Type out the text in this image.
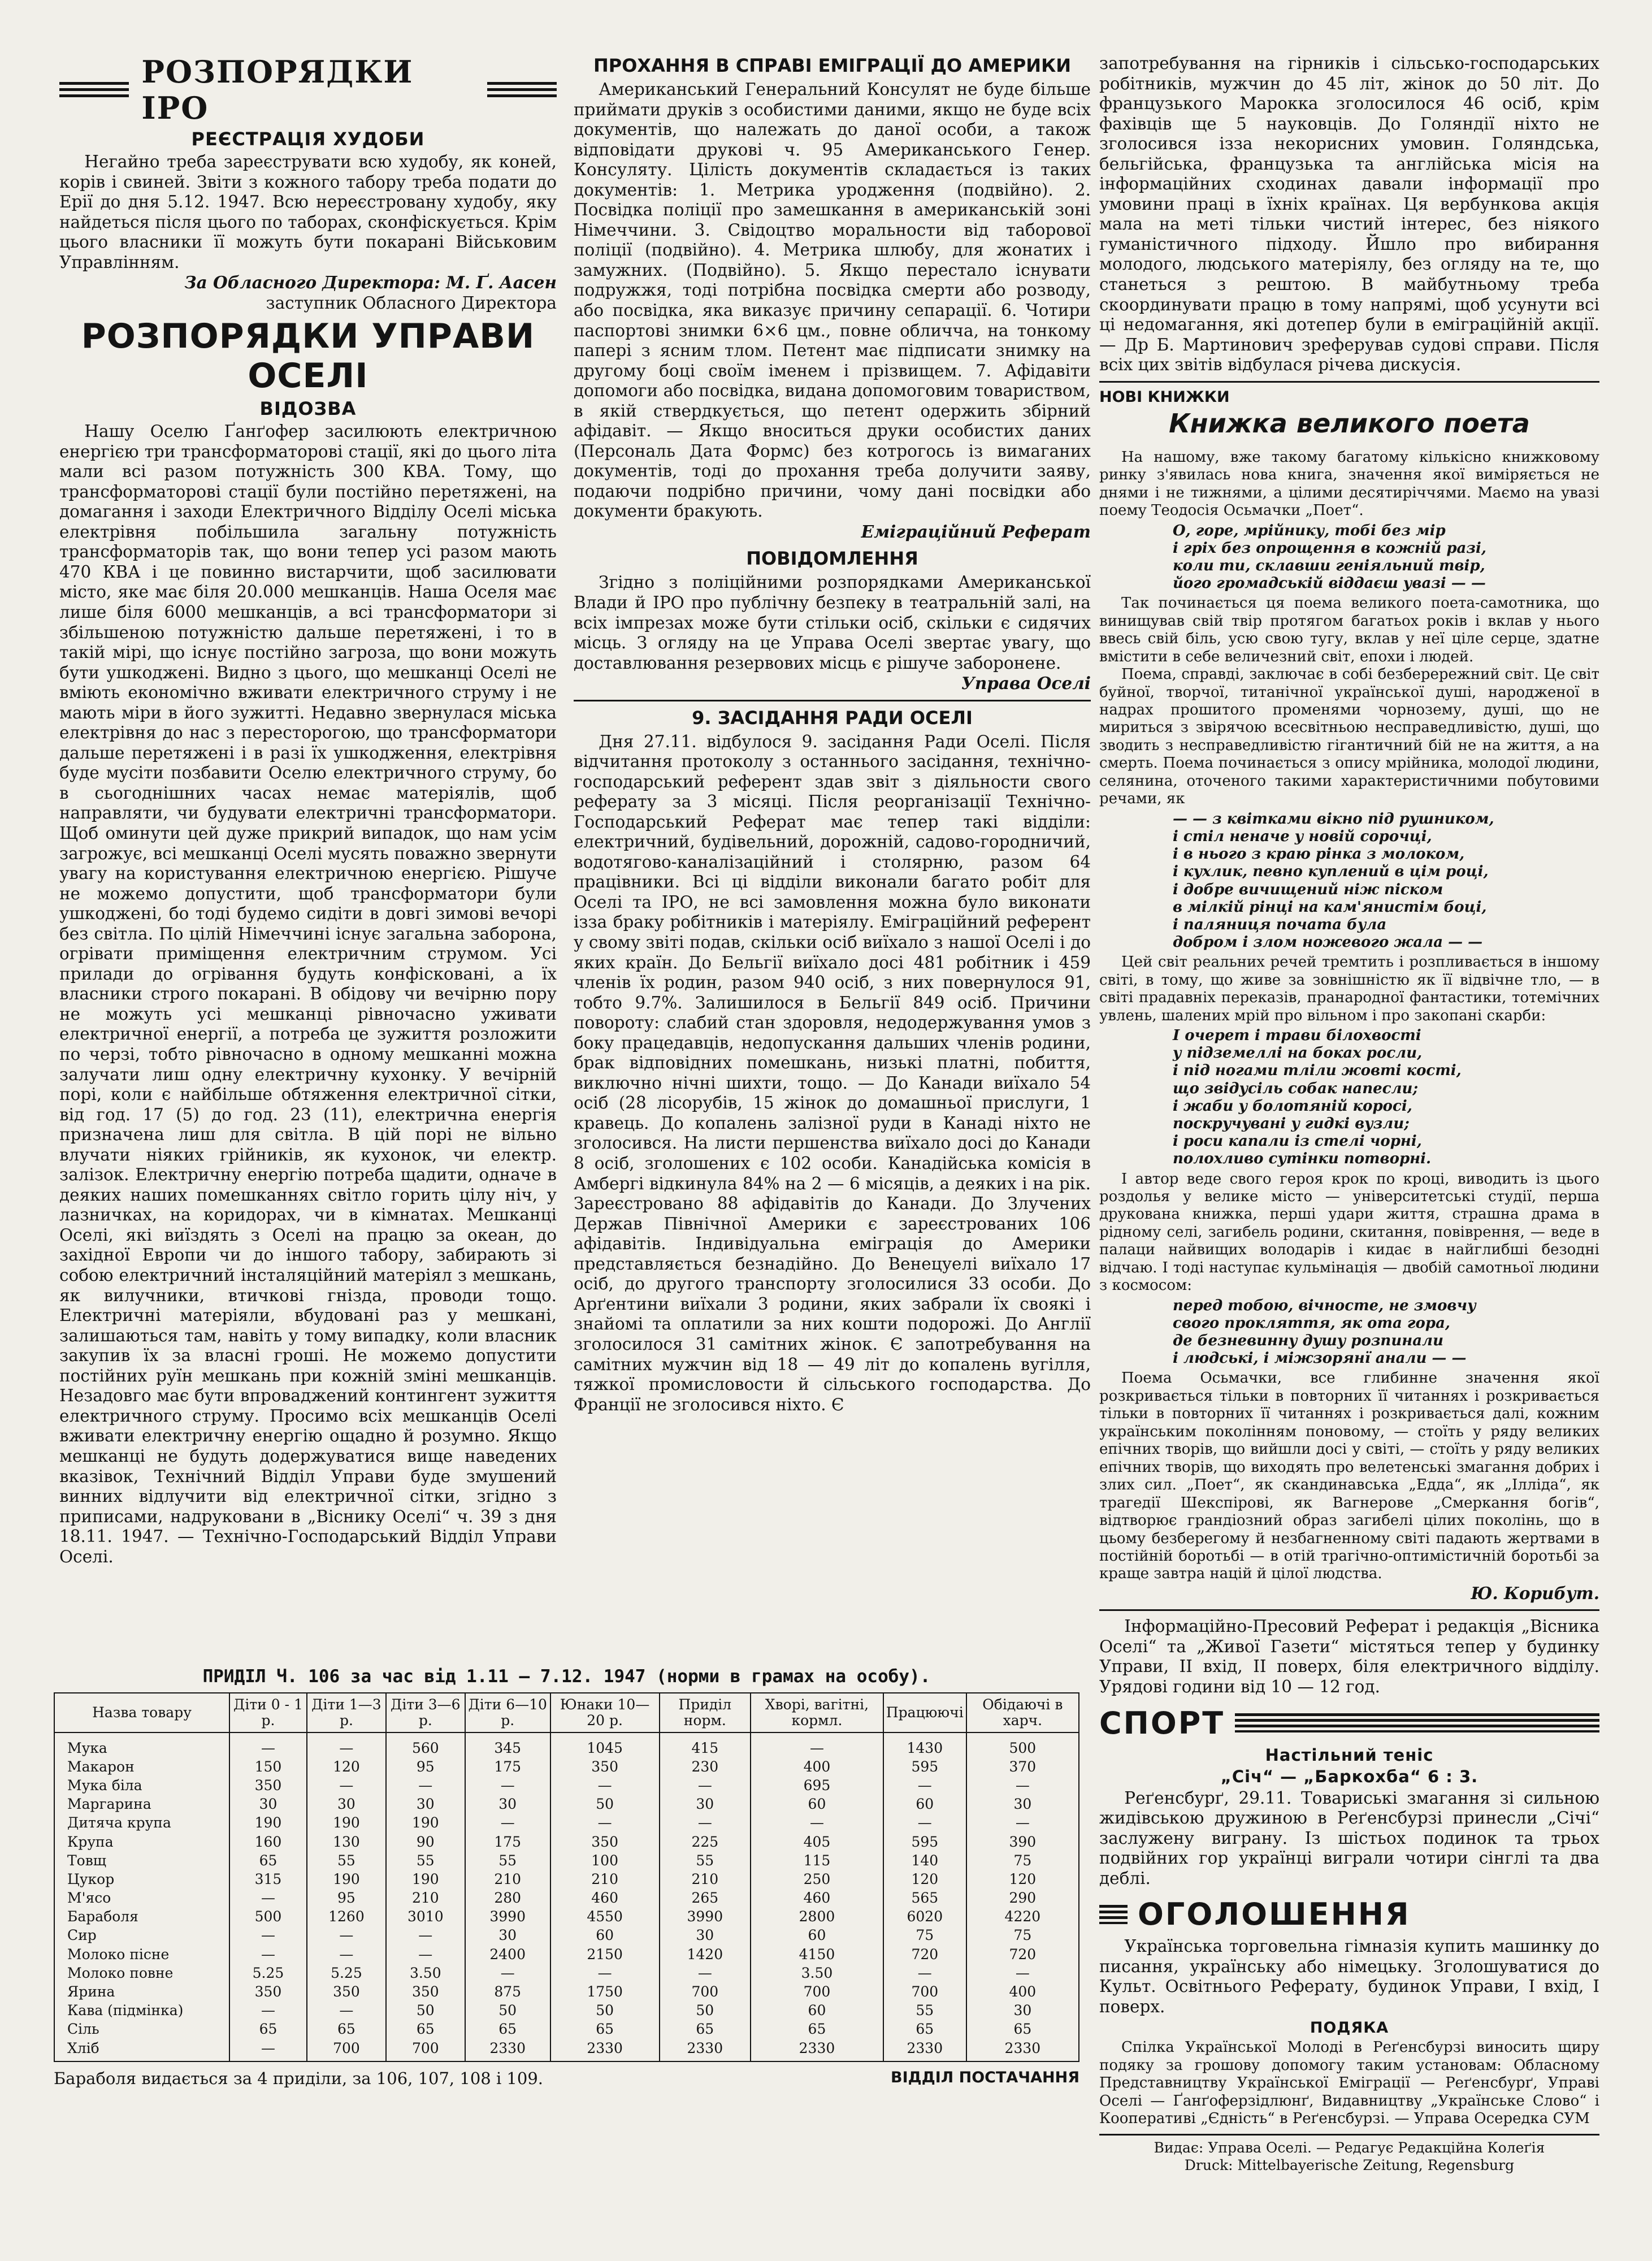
РОЗПОРЯДКИ ІРО
РЕЄСТРАЦІЯ ХУДОБИ

Негайно треба зареєструвати всю худобу, як коней, корів і свиней. Звіти з кожного табору треба подати до Ерії до дня 5.12. 1947. Всю нереєстровану худобу, яку найдеться після цього по таборах, сконфіскується. Крім цього власники її можуть бути покарані Військовим Управлінням.

За Обласного Директора: М. Ґ. Аасен

заступник Обласного Директора

РОЗПОРЯДКИ УПРАВИ ОСЕЛІ
ВІДОЗВА

Нашу Оселю Ґанґофер засилюють електричною енергією три трансформаторові стації, які до цього літа мали всі разом потужність 300 КВА. Тому, що трансформаторові стації були постійно перетяжені, на домагання і заходи Електричного Відділу Оселі міська електрівня побільшила загальну потужність трансформаторів так, що вони тепер усі разом мають 470 КВА і це повинно вистарчити, щоб засилювати місто, яке має біля 20.000 мешканців. Наша Оселя має лише біля 6000 мешканців, а всі трансформатори зі збільшеною потужністю дальше перетяжені, і то в такій мірі, що існує постійно загроза, що вони можуть бути ушкоджені. Видно з цього, що мешканці Оселі не вміють економічно вживати електричного струму і не мають міри в його зужитті. Недавно звернулася міська електрівня до нас з пересторогою, що трансформатори дальше перетяжені і в разі їх ушкодження, електрівня буде мусіти позбавити Оселю електричного струму, бо в сьогоднішних часах немає матеріялів, щоб направляти, чи будувати електричні трансформатори. Щоб оминути цей дуже прикрий випадок, що нам усім загрожує, всі мешканці Оселі мусять поважно звернути увагу на користування електричною енергією. Рішуче не можемо допустити, щоб трансформатори були ушкоджені, бо тоді будемо сидіти в довгі зимові вечорі без світла. По цілій Німеччині існує загальна заборона, огрівати приміщення електричним струмом. Усі прилади до огрівання будуть конфісковані, а їх власники строго покарані. В обідову чи вечірню пору не можуть усі мешканці рівночасно уживати електричної енергії, а потреба це зужиття розложити по черзі, тобто рівночасно в одному мешканні можна залучати лиш одну електричну кухонку. У вечірній порі, коли є найбільше обтяження електричної сітки, від год. 17 (5) до год. 23 (11), електрична енергія призначена лиш для світла. В цій порі не вільно влучати ніяких грійників, як кухонок, чи електр. залізок. Електричну енергію потреба щадити, одначе в деяких наших помешканнях світло горить цілу ніч, у лазничках, на коридорах, чи в кімнатах. Мешканці Оселі, які виїздять з Оселі на працю за океан, до західної Европи чи до іншого табору, забирають зі собою електричний інсталяційний матеріял з мешкань, як вилучники, втичкові гнізда, проводи тощо. Електричні матеріяли, вбудовані раз у мешкані, залишаються там, навіть у тому випадку, коли власник закупив їх за власні гроші. Не можемо допустити постійних руїн мешкань при кожній зміні мешканців. Незадовго має бути впроваджений контингент зужиття електричного струму. Просимо всіх мешканців Оселі вживати електричну енергію ощадно й розумно. Якщо мешканці не будуть додержуватися вище наведених вказівок, Технічний Відділ Управи буде змушений винних відлучити від електричної сітки, згідно з приписами, надруковани в „Віснику Оселі“ ч. 39 з дня 18.11. 1947. — Технічно-Господарський Відділ Управи Оселі.

ПРОХАННЯ В СПРАВІ ЕМІГРАЦІЇ ДО АМЕРИКИ

Американський Генеральний Консулят не буде більше приймати друків з особистими даними, якщо не буде всіх документів, що належать до даної особи, а також відповідати друкові ч. 95 Американського Генер. Консуляту. Цілість документів складається із таких документів: 1. Метрика уродження (подвійно). 2. Посвідка поліції про замешкання в американській зоні Німеччини. 3. Свідоцтво моральности від таборової поліції (подвійно). 4. Метрика шлюбу, для жонатих і замужних. (Подвійно). 5. Якщо перестало існувати подружжя, тоді потрібна посвідка смерти або розводу, або посвідка, яка виказує причину сепарації. 6. Чотири паспортові знимки 6×6 цм., повне обличча, на тонкому папері з ясним тлом. Петент має підписати знимку на другому боці своїм іменем і прізвищем. 7. Афідавіти допомоги або посвідка, видана допомоговим товариством, в якій ствердкується, що петент одержить збірний афідавіт. — Якщо вноситься друки особистих даних (Персональ Дата Формс) без котрогось із вимаганих документів, тоді до прохання треба долучити заяву, подаючи подрібно причини, чому дані посвідки або документи бракують.

Еміграційний Реферат

ПОВІДОМЛЕННЯ

Згідно з поліційними розпорядками Американської Влади й ІРО про публічну безпеку в театральній залі, на всіх імпрезах може бути стільки осіб, скільки є сидячих місць. З огляду на це Управа Оселі звертає увагу, що доставлювання резервових місць є рішуче заборонене.

Управа Оселі

9. ЗАСІДАННЯ РАДИ ОСЕЛІ

Дня 27.11. відбулося 9. засідання Ради Оселі. Після відчитання протоколу з останнього засідання, технічно-господарський референт здав звіт з діяльности свого реферату за 3 місяці. Після реорганізації Технічно-Господарський Реферат має тепер такі відділи: електричний, будівельний, дорожній, садово-городничий, водотягово-каналізаційний і столярню, разом 64 працівники. Всі ці відділи виконали багато робіт для Оселі та ІРО, не всі замовлення можна було виконати ізза браку робітників і матеріялу. Еміграційний референт у свому звіті подав, скільки осіб виїхало з нашої Оселі і до яких країн. До Бельгії виїхало досі 481 робітник і 459 членів їх родин, разом 940 осіб, з них повернулося 91, тобто 9.7%. Залишилося в Бельгії 849 осіб. Причини повороту: слабий стан здоровля, недодержування умов з боку працедавців, недопускання дальших членів родини, брак відповідних помешкань, низькі платні, побиття, виключно нічні шихти, тощо. — До Канади виїхало 54 осіб (28 лісорубів, 15 жінок до домашньої прислуги, 1 кравець. До копалень залізної руди в Канаді ніхто не зголосився. На листи першенства виїхало досі до Канади 8 осіб, зголошених є 102 особи. Канадійська комісія в Амбергі відкинула 84% на 2 — 6 місяців, а деяких і на рік. Зареєстровано 88 афідавітів до Канади. До Злучених Держав Північної Америки є зареєстрованих 106 афідавітів. Індивідуальна еміграція до Америки представляється безнадійно. До Венецуелі виїхало 17 осіб, до другого транспорту зголосилися 33 особи. До Арґентини виїхали 3 родини, яких забрали їх своякі і знайомі та оплатили за них кошти подорожі. До Англії зголосилося 31 самітних жінок. Є запотребування на самітних мужчин від 18 — 49 літ до копалень вугілля, тяжкої промисловости й сільського господарства. До Франції не зголосився ніхто. Є

запотребування на гірників і сільсько-господарських робітників, мужчин до 45 літ, жінок до 50 літ. До французького Марокка зголосилося 46 осіб, крім фахівців ще 5 науковців. До Голяндії ніхто не зголосився ізза некорисних умовин. Голяндська, бельгійська, французька та англійська місія на інформаційних сходинах давали інформації про умовини праці в їхніх країнах. Ця вербункова акція мала на меті тільки чистий інтерес, без ніякого гуманістичного підходу. Йшло про вибирання молодого, людського матеріялу, без огляду на те, що станеться з рештою. В майбутньому треба скоординувати працю в тому напрямі, щоб усунути всі ці недомагання, які дотепер були в еміграційній акції. — Др Б. Мартинович зреферував судові справи. Після всіх цих звітів відбулася річева дискусія.

НОВІ КНИЖКИ
Книжка великого поета

На нашому, вже такому багатому кількісно книжковому ринку з'явилась нова книга, значення якої виміряється не днями і не тижнями, а цілими десятиріччями. Маємо на увазі поему Теодосія Осьмачки „Поет“.

О, горе, мрійнику, тобі без мір
і гріх без опрощення в кожній разі,
коли ти, склавши геніяльний твір,
його громадській віддаєш увазі — —

Так починається ця поема великого поета-самотника, що винищував свій твір протягом багатьох років і вклав у нього ввесь свій біль, усю свою тугу, вклав у неї ціле серце, здатне вмістити в себе величезний світ, епохи і людей.

Поема, справді, заключає в собі безберережний світ. Це світ буйної, творчої, титанічної української душі, народженої в надрах прошитого променями чорнозему, душі, що не мириться з звірячою всесвітньою несправедливістю, душі, що зводить з несправедливістю гігантичний бій не на життя, а на смерть. Поема починається з опису мрійника, молодої людини, селянина, оточеного такими характеристичними побутовими речами, як

— — з квітками вікно під рушником,
і стіл неначе у новій сорочці,
і в нього з краю рінка з молоком,
і кухлик, певно куплений в цім році,
і добре вичищений ніж піском
в мілкій рінці на кам'янистім боці,
і паляниця почата була
добром і злом ножевого жала — —

Цей світ реальних речей тремтить і розпливається в іншому світі, в тому, що живе за зовнішністю як її відвічне тло, — в світі прадавніх переказів, пранародної фантастики, тотемічних увлень, шалених мрій про вільном і про закопані скарби:

І очерет і трави білохвості
у підземеллі на боках росли,
і під ногами тліли жовті кості,
що звідусіль собак напесли;
і жаби у болотяній коросі,
поскручувані у гидкі вузли;
і роси капали із стелі чорні,
полохливо сутінки потворні.

І автор веде свого героя крок по кроці, виводить із цього роздолья у велике місто — університетські студії, перша друкована книжка, перші удари життя, страшна драма в рідному селі, загибель родини, скитання, повіврення, — веде в палаци найвищих володарів і кидає в найглибші безодні відчаю. І тоді наступає кульмінація — двобій самотньої людини з космосом:

перед тобою, вічносте, не змовчу
свого прокляття, як ота гора,
де безневинну душу розпинали
і людські, і міжзорянї анали — —

Поема Осьмачки, все глибинне значення якої розкривається тільки в повторних її читаннях і розкривається тільки в повторних її читаннях і розкривається далі, кожним українським поколінням поновому, — стоїть у ряду великих епічних творів, що вийшли досі у світі, — стоїть у ряду великих епічних творів, що виходять про велетенські змагання добрих і злих сил. „Поет“, як скандинавська „Едда“, як „Ілліда“, як трагедії Шекспірові, як Вагнерове „Смеркання богів“, відтворює грандіозний образ загибелі цілих поколінь, що в цьому безберегому й незбагненному світі падають жертвами в постійній боротьбі — в отій трагічно-оптимістичній боротьбі за краще завтра націй й цілої людства.

Ю. Корибут.

Інформаційно-Пресовий Реферат і редакція „Вісника Оселі“ та „Живої Газети“ містяться тепер у будинку Управи, ІІ вхід, ІІ поверх, біля електричного відділу. Урядові години від 10 — 12 год.

СПОРТ
Настільний теніс
„Січ“ — „Баркохба“ 6 : 3.

Реґенсбурґ, 29.11. Товариські змагання зі сильною жидівською дружиною в Реґенсбурзі принесли „Січі“ заслужену виграну. Із шістьох подинок та трьох подвійних гор українці виграли чотири сінглі та два деблі.

ОГОЛОШЕННЯ

Українська торговельна гімназія купить машинку до писання, українську або німецьку. Зголошуватися до Культ. Освітнього Реферату, будинок Управи, І вхід, І поверх.

ПОДЯКА

Спілка Української Молоді в Реґенсбурзі виносить щиру подяку за грошову допомогу таким установам: Обласному Представництву Української Еміграції — Реґенсбурґ, Управі Оселі — Ґанґоферзідлюнґ, Видавництву „Українське Слово“ і Кооперативі „Єдність“ в Реґенсбурзі. — Управа Осередка СУМ

Видає: Управа Оселі. — Редагує Редакційна Колеґія
Druck: Mittelbayerische Zeitung, Regensburg
ПРИДІЛ Ч. 106 за час від 1.11 — 7.12. 1947 (норми в грамах на особу).
Назва товару	Діти 0 - 1 р.	Діти 1—3 р.	Діти 3—6 р.	Діти 6—10 р.	Юнаки 10—20 р.	Приділ норм.	Хворі, вагітні, кормл.	Працюючі	Обідаючі в харч.
Мука	—	—	560	345	1045	415	—	1430	500
Макарон	150	120	95	175	350	230	400	595	370
Мука біла	350	—	—	—	—	—	695	—	—
Маргарина	30	30	30	30	50	30	60	60	30
Дитяча крупа	190	190	190	—	—	—	—	—	—
Крупа	160	130	90	175	350	225	405	595	390
Товщ	65	55	55	55	100	55	115	140	75
Цукор	315	190	190	210	210	210	250	120	120
М'ясо	—	95	210	280	460	265	460	565	290
Бараболя	500	1260	3010	3990	4550	3990	2800	6020	4220
Сир	—	—	—	30	60	30	60	75	75
Молоко пісне	—	—	—	2400	2150	1420	4150	720	720
Молоко повне	5.25	5.25	3.50	—	—	—	3.50	—	—
Ярина	350	350	350	875	1750	700	700	700	400
Кава (підмінка)	—	—	50	50	50	50	60	55	30
Сіль	65	65	65	65	65	65	65	65	65
Хліб	—	700	700	2330	2330	2330	2330	2330	2330
Бараболя видається за 4 приділи, за 106, 107, 108 і 109.	ВІДДІЛ ПОСТАЧАННЯ
